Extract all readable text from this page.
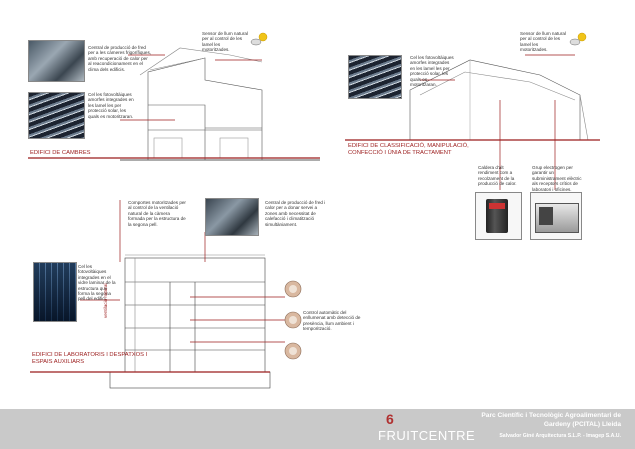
Central de producció de fred per a les càmeres frigorífiques, amb recuperació de calor per al reacondicionament en el clima dels edificis.
Cel les fotovoltàiques amorfes integrades en les lamel les per protecció solar, les quals es motoritzaran.
Sensor de llum natural per al control de les lamel les motoritzades.
EDIFICI DE CAMBRES
Sensor de llum natural per al control de les lamel les motoritzades.
Cel les fotovoltàiques amorfes integrades en les lamel les per protecció solar, les quals es motoritzaran.
EDIFICI DE CLASSIFICACIÓ, MANIPULACIÓ, CONFECCIÓ I ÚNIA DE TRACTAMENT
Caldera d'alt rendiment com a recolzament de la producció de calor.
Grup electrogen per garantir un subministrament elèctric als receptors crítics de laboratori i oficines.
Comportes motoritzades per al control de la ventilació natural de la càmera formada per la estructura de la segona pell.
Central de producció de fred i calor per a donar servei a zones amb necessitat de calefacció i climatització simultàniament.
Cel les fotovoltàiques integrades en el vidre laminar de la estructura que forma la segona pell del edifici.
Control automàtic del enllumenat amb detecció de presència, llum ambient i temporització.
ventilació natural
EDIFICI DE LABORATORIS I DESPATXOS I ESPAIS AUXILIARS
6
FRUITCENTRE
Parc Científic i Tecnològic Agroalimentari de
Gardeny (PCITAL) Lleida
Salvador Giné Arquitectura S.L.P. - Imagep S.A.U.
